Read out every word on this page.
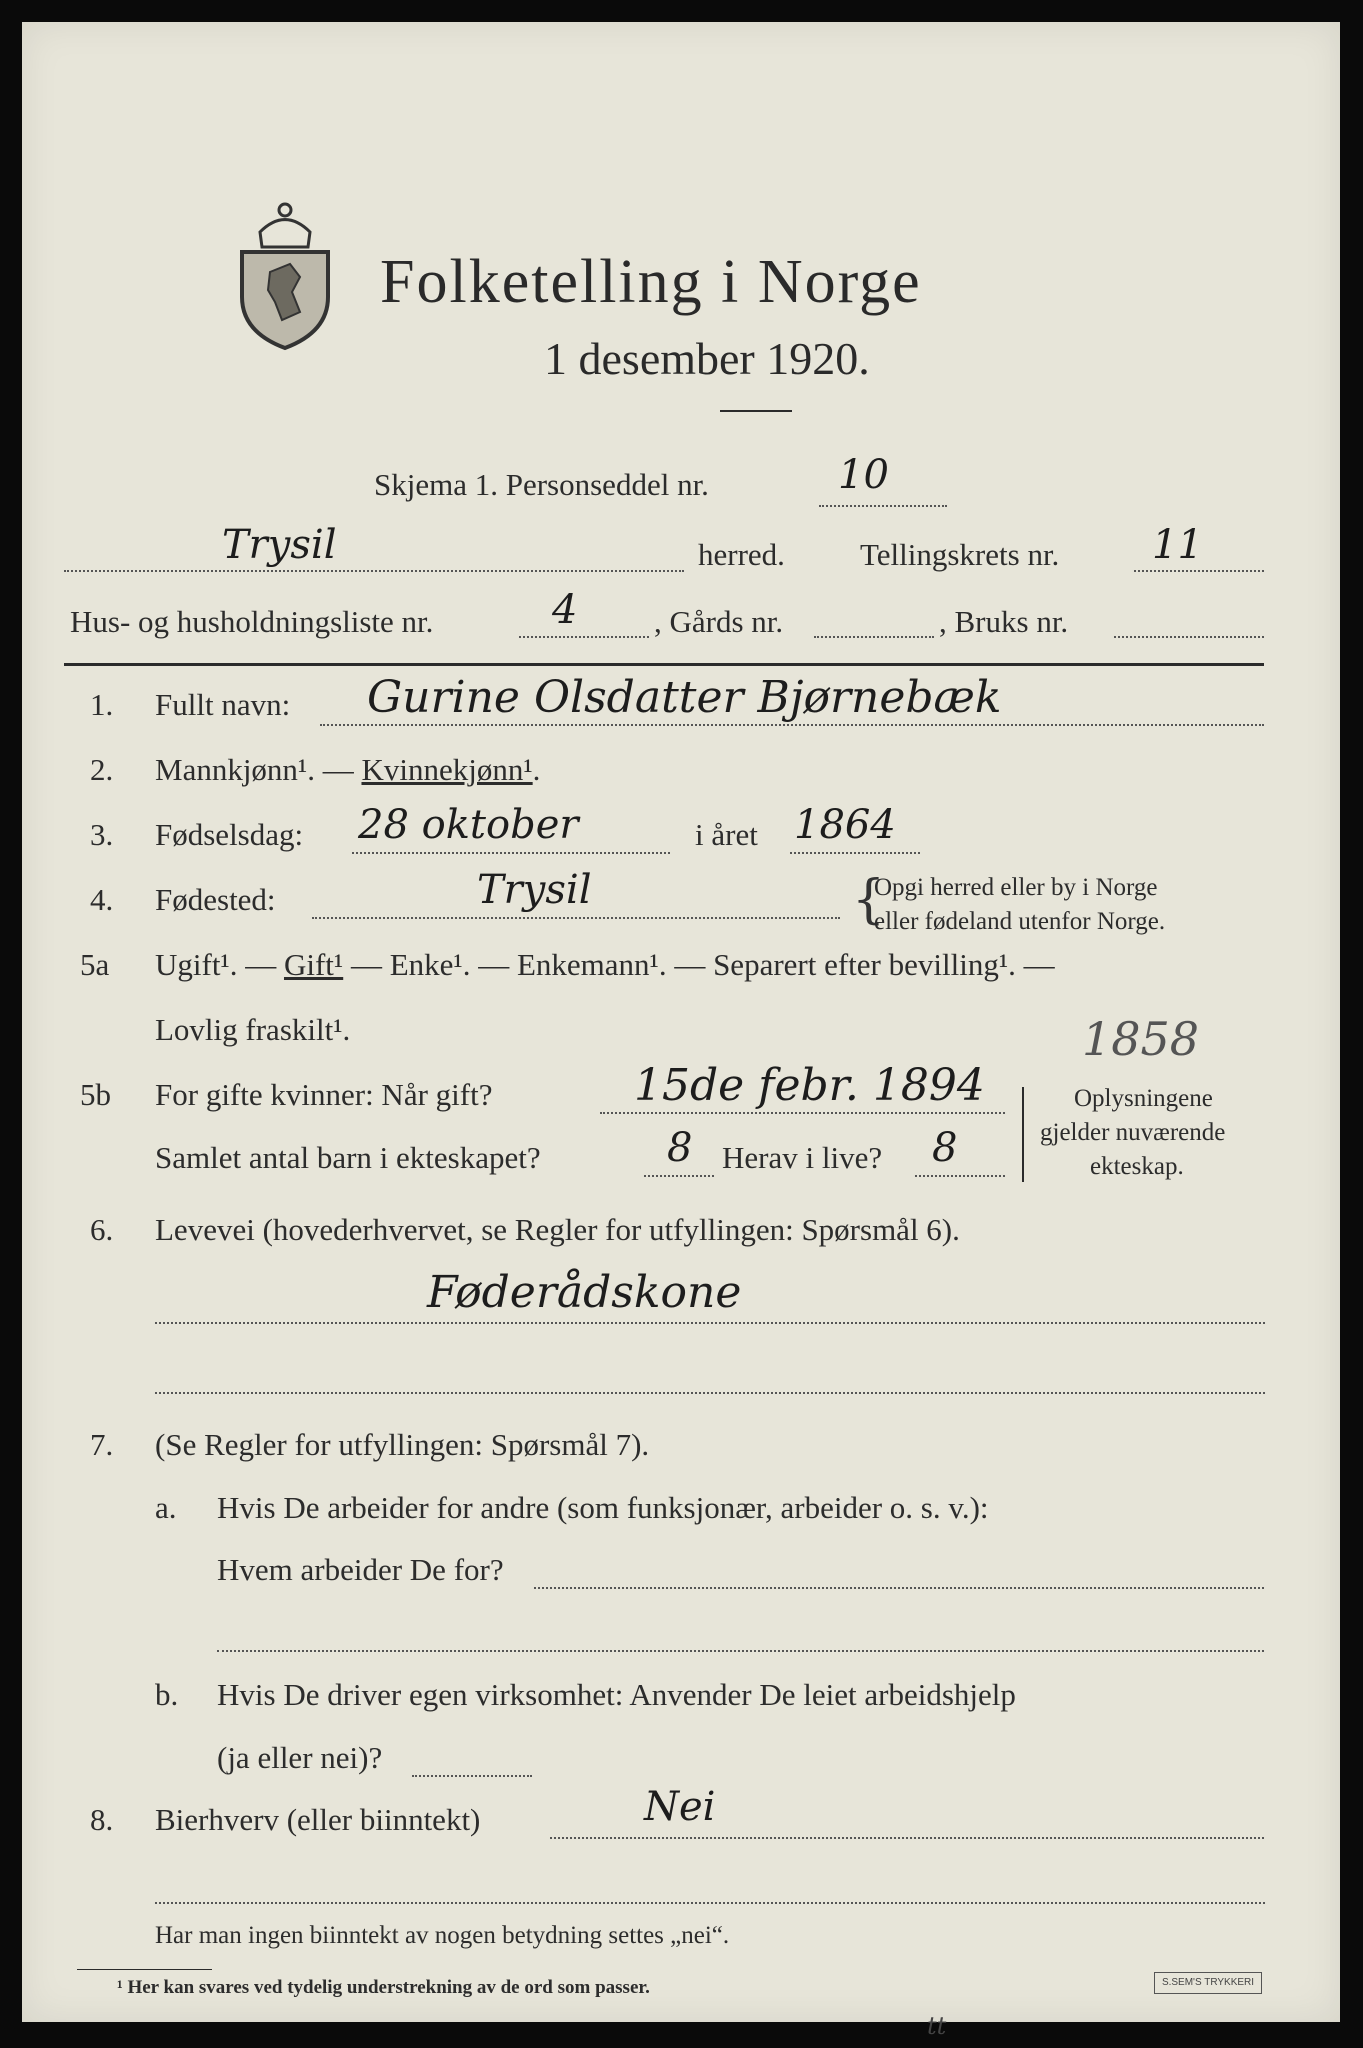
Folketelling i Norge
1 desember 1920.
Skjema 1. Personseddel nr.	10
Trysil	herred. Tellingskrets nr. 11
Hus- og husholdningsliste nr.	4 , Gårds nr.	, Bruks nr.
1. Fullt navn: Gurine Olsdatter Bjørnebæk
2. Mannkjønn¹. — Kvinnekjønn¹.
3. Fødselsdag: 28 oktober	i året 1864
4. Fødested:	Trysil	{
Opgi herred eller by i Norge
eller fødeland utenfor Norge.
5a Ugift¹. — Gift¹ — Enke¹. — Enkemann¹. — Separert efter bevilling¹. —
Lovlig fraskilt¹.	1858
5b For gifte kvinner: Når gift?	15de febr. 1894
Samlet antal barn i ekteskapet?	8 Herav i live? 8
Oplysningene
gjelder nuværende
ekteskap.
6. Levevei (hovederhvervet, se Regler for utfyllingen: Spørsmål 6).
Føderådskone
7. (Se Regler for utfyllingen: Spørsmål 7).
a. Hvis De arbeider for andre (som funksjonær, arbeider o. s. v.):
Hvem arbeider De for?
b. Hvis De driver egen virksomhet: Anvender De leiet arbeidshjelp
(ja eller nei)?
8. Bierhverv (eller biinntekt)	Nei
Har man ingen biinntekt av nogen betydning settes „nei“.
¹ Her kan svares ved tydelig understrekning av de ord som passer.	S.SEM'S TRYKKERI
tt
